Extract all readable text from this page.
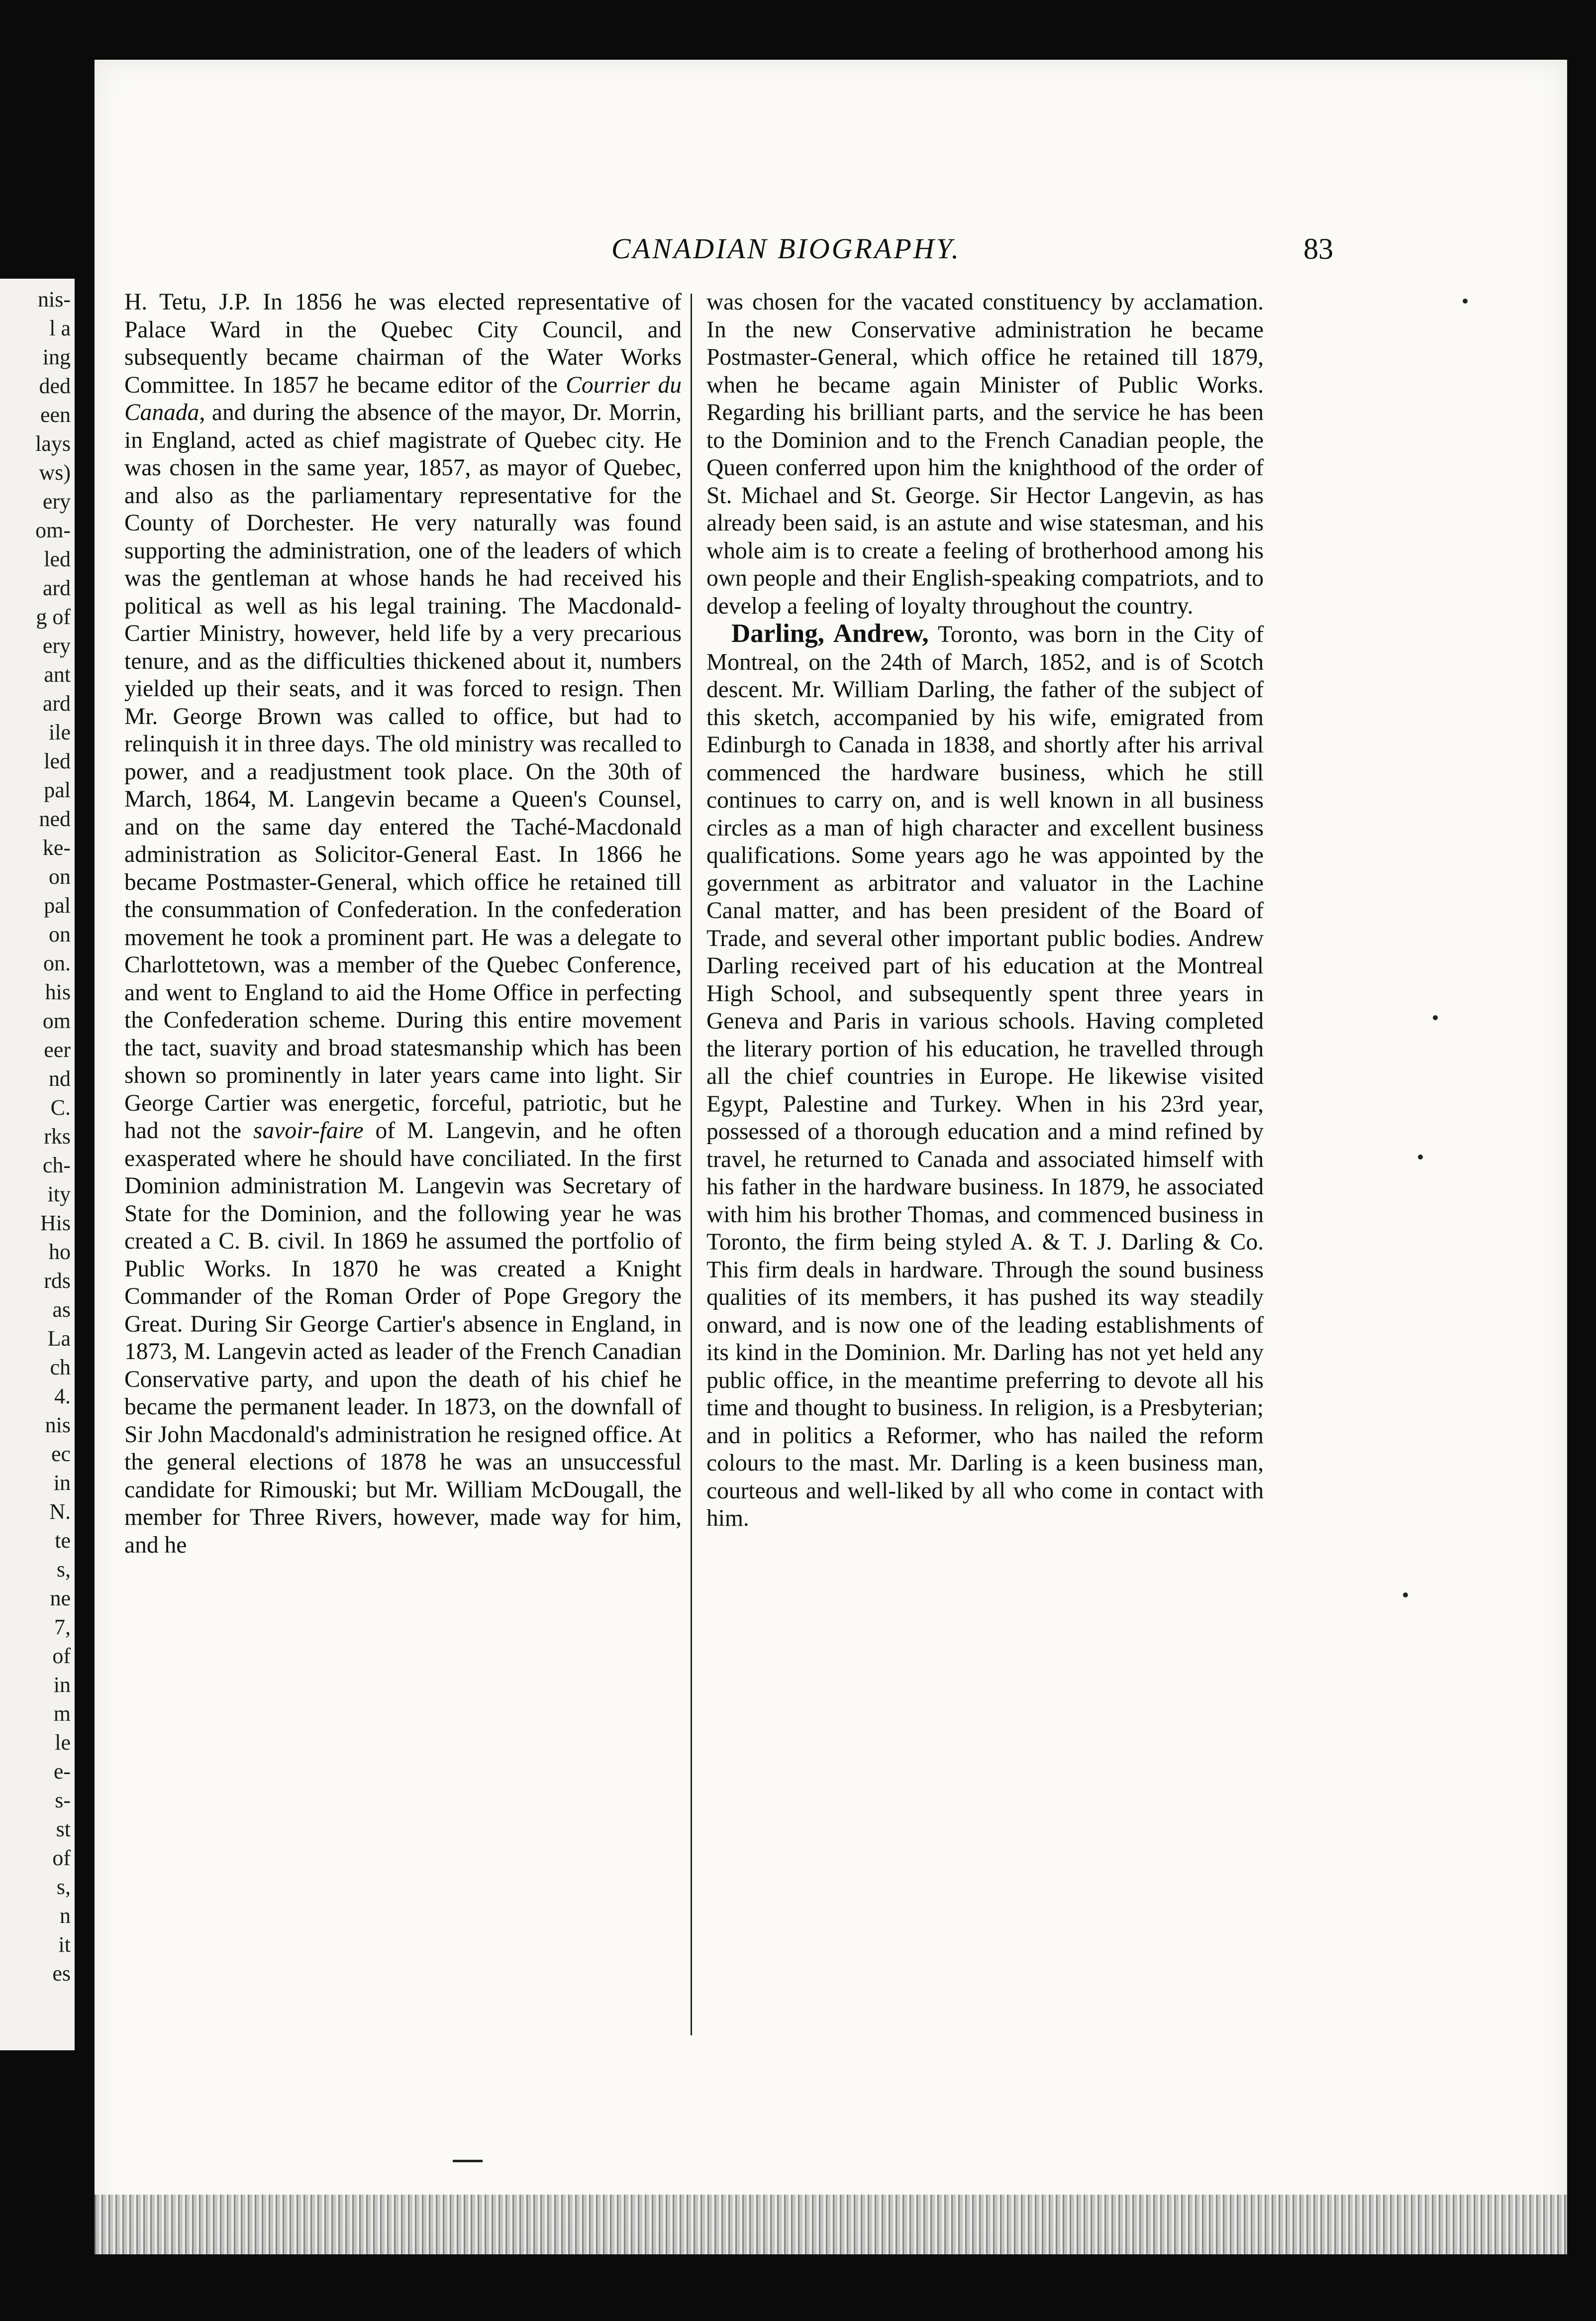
nis-
l a
ing
ded
een
lays
ws)
ery
om-
led
ard
g of
ery
ant
ard
ile
led
pal
ned
ke-
on
pal
on
on.
his
om
eer
nd
C.
rks
ch-
ity
His
ho
rds
as
La
ch
4.
nis
ec
in
N.
te
s,
ne
7,
of
in
m
le
e-
s-
st
of
s,
n
it
es
CANADIAN BIOGRAPHY.	83

H. Tetu, J.P. In 1856 he was elected representative of Palace Ward in the Quebec City Council, and subsequently became chairman of the Water Works Committee. In 1857 he became editor of the Courrier du Canada, and during the absence of the mayor, Dr. Morrin, in England, acted as chief magistrate of Quebec city. He was chosen in the same year, 1857, as mayor of Quebec, and also as the parliamentary representative for the County of Dorchester. He very naturally was found supporting the administration, one of the leaders of which was the gentleman at whose hands he had received his political as well as his legal training. The Macdonald-Cartier Ministry, however, held life by a very precarious tenure, and as the difficulties thickened about it, numbers yielded up their seats, and it was forced to resign. Then Mr. George Brown was called to office, but had to relinquish it in three days. The old ministry was recalled to power, and a readjustment took place. On the 30th of March, 1864, M. Langevin became a Queen's Counsel, and on the same day entered the Taché-Macdonald administration as Solicitor-General East. In 1866 he became Postmaster-General, which office he retained till the consummation of Confederation. In the confederation movement he took a prominent part. He was a delegate to Charlottetown, was a member of the Quebec Conference, and went to England to aid the Home Office in perfecting the Confederation scheme. During this entire movement the tact, suavity and broad statesmanship which has been shown so prominently in later years came into light. Sir George Cartier was energetic, forceful, patriotic, but he had not the savoir-faire of M. Langevin, and he often exasperated where he should have conciliated. In the first Dominion administration M. Langevin was Secretary of State for the Dominion, and the following year he was created a C. B. civil. In 1869 he assumed the portfolio of Public Works. In 1870 he was created a Knight Commander of the Roman Order of Pope Gregory the Great. During Sir George Cartier's absence in England, in 1873, M. Langevin acted as leader of the French Canadian Conservative party, and upon the death of his chief he became the permanent leader. In 1873, on the downfall of Sir John Macdonald's administration he resigned office. At the general elections of 1878 he was an unsuccessful candidate for Rimouski; but Mr. William McDougall, the member for Three Rivers, however, made way for him, and he

was chosen for the vacated constituency by acclamation. In the new Conservative administration he became Postmaster-General, which office he retained till 1879, when he became again Minister of Public Works. Regarding his brilliant parts, and the service he has been to the Dominion and to the French Canadian people, the Queen conferred upon him the knighthood of the order of St. Michael and St. George. Sir Hector Langevin, as has already been said, is an astute and wise statesman, and his whole aim is to create a feeling of brotherhood among his own people and their English-speaking compatriots, and to develop a feeling of loyalty throughout the country.

Darling, Andrew, Toronto, was born in the City of Montreal, on the 24th of March, 1852, and is of Scotch descent. Mr. William Darling, the father of the subject of this sketch, accompanied by his wife, emigrated from Edinburgh to Canada in 1838, and shortly after his arrival commenced the hardware business, which he still continues to carry on, and is well known in all business circles as a man of high character and excellent business qualifications. Some years ago he was appointed by the government as arbitrator and valuator in the Lachine Canal matter, and has been president of the Board of Trade, and several other important public bodies. Andrew Darling received part of his education at the Montreal High School, and subsequently spent three years in Geneva and Paris in various schools. Having completed the literary portion of his education, he travelled through all the chief countries in Europe. He likewise visited Egypt, Palestine and Turkey. When in his 23rd year, possessed of a thorough education and a mind refined by travel, he returned to Canada and associated himself with his father in the hardware business. In 1879, he associated with him his brother Thomas, and commenced business in Toronto, the firm being styled A. & T. J. Darling & Co. This firm deals in hardware. Through the sound business qualities of its members, it has pushed its way steadily onward, and is now one of the leading establishments of its kind in the Dominion. Mr. Darling has not yet held any public office, in the meantime preferring to devote all his time and thought to business. In religion, is a Presbyterian; and in politics a Reformer, who has nailed the reform colours to the mast. Mr. Darling is a keen business man, courteous and well-liked by all who come in contact with him.
